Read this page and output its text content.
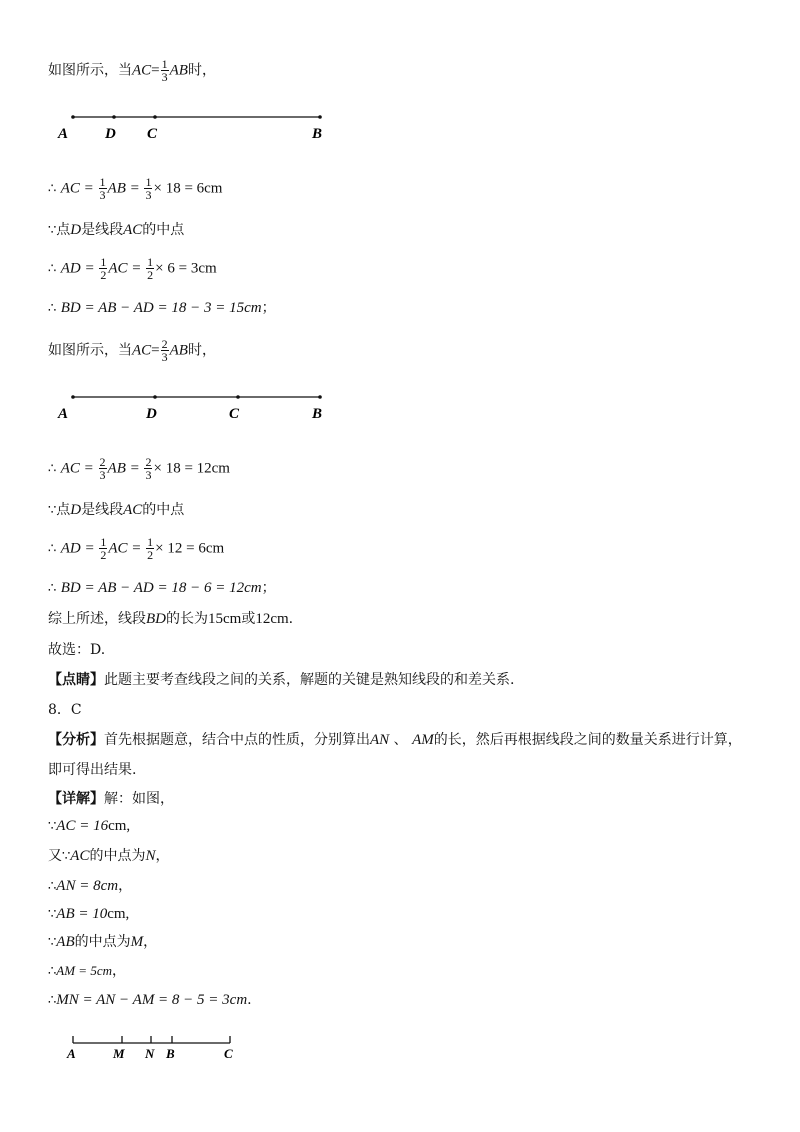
如图所示，当$AC= \frac{1}{3}$ AB时，
A D C	B
A	D	C	B
A	M N B	C
∴ AC = $\frac{1}{3}$ AB = $\frac{1}{3} \times 18 = 6cm$
∵点D是线段AC的中点
∴ AD = $\frac{1}{2}$ AC = $\frac{1}{2} \times 6 = 3cm$
∴ BD = AB − AD = 18 − 3 = 15cm；
如图所示，当$AC= \frac{2}{3}$ AB时，
∴ AC = $\frac{2}{3}$ AB = $\frac{2}{3} \times 18 = 12cm$
∵点D是线段AC的中点
∴ AD = $\frac{1}{2}$ AC = $\frac{1}{2} \times 12 = 6cm$
∴ BD = AB − AD = 18 − 6 = 12cm；
综上所述，线段BD的长为15cm或12cm.
故选：D.
【点睛】此题主要考查线段之间的关系，解题的关键是熟知线段的和差关系.
8．C
【分析】首先根据题意，结合中点的性质，分别算出AN 、 AM的长，然后再根据线段之间的数量关系进行计算，
即可得出结果.
【详解】解：如图，
∵AC = 16cm,
又∵AC的中点为N，
∴AN = 8cm，
∵AB = 10cm,
∵AB的中点为M，
∴AM = 5cm，
∴MN = AN − AM = 8 − 5 = 3cm.
